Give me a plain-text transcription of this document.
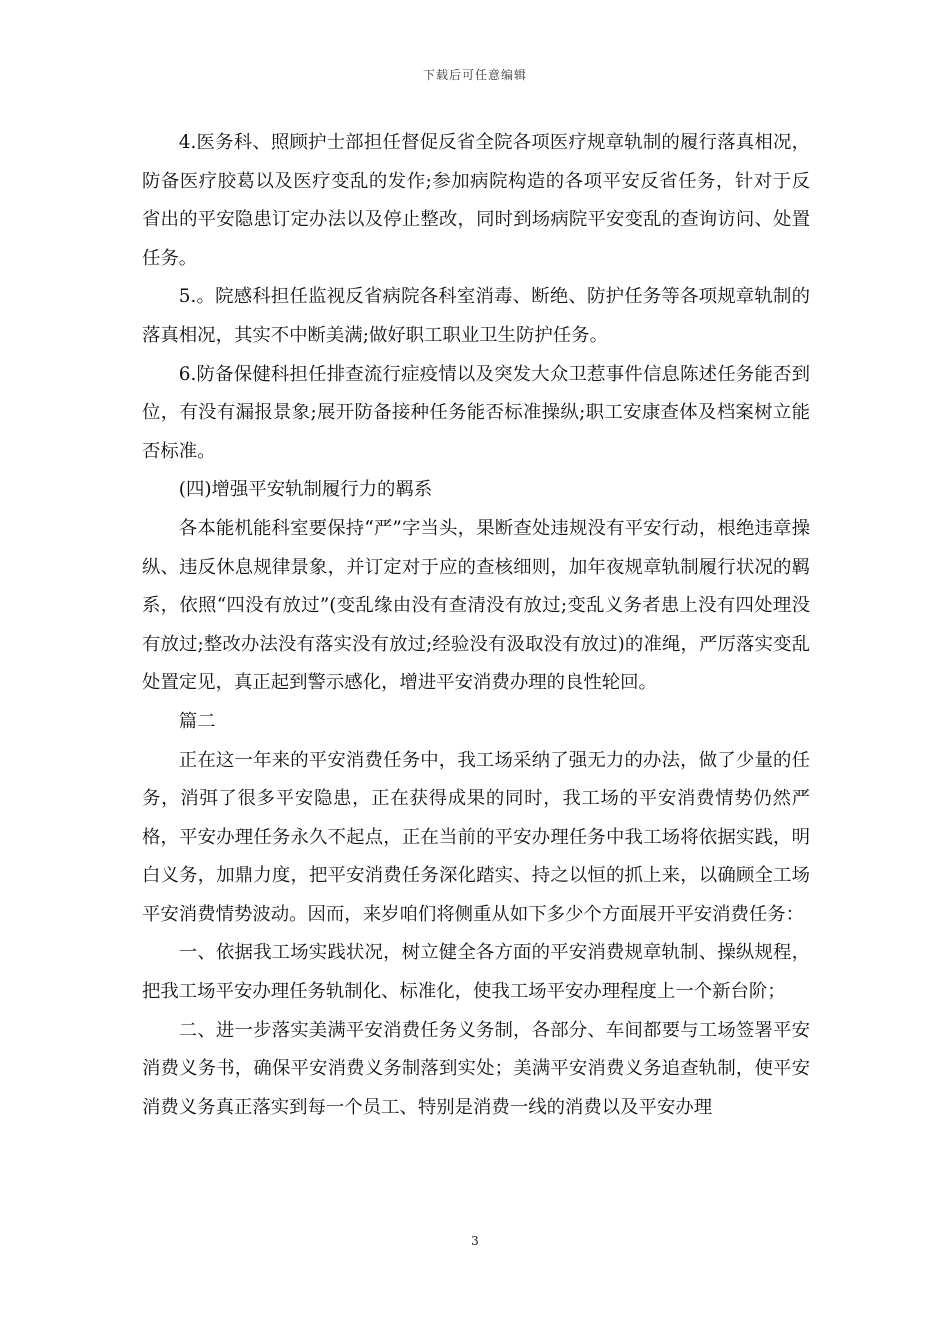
下载后可任意编辑

4.医务科、照顾护士部担任督促反省全院各项医疗规章轨制的履行落真相况，防备医疗胶葛以及医疗变乱的发作;参加病院构造的各项平安反省任务，针对于反省出的平安隐患订定办法以及停止整改，同时到场病院平安变乱的查询访问、处置任务。

5.。院感科担任监视反省病院各科室消毒、断绝、防护任务等各项规章轨制的落真相况，其实不中断美满;做好职工职业卫生防护任务。

6.防备保健科担任排查流行症疫情以及突发大众卫惹事件信息陈述任务能否到位，有没有漏报景象;展开防备接种任务能否标准操纵;职工安康查体及档案树立能否标准。

(四)增强平安轨制履行力的羁系

各本能机能科室要保持“严”字当头，果断查处违规没有平安行动，根绝违章操纵、违反休息规律景象，并订定对于应的查核细则，加年夜规章轨制履行状况的羁系，依照“四没有放过”(变乱缘由没有查清没有放过;变乱义务者患上没有四处理没有放过;整改办法没有落实没有放过;经验没有汲取没有放过)的准绳，严厉落实变乱处置定见，真正起到警示感化，增进平安消费办理的良性轮回。

篇二

正在这一年来的平安消费任务中，我工场采纳了强无力的办法，做了少量的任务，消弭了很多平安隐患，正在获得成果的同时，我工场的平安消费情势仍然严格，平安办理任务永久不起点，正在当前的平安办理任务中我工场将依据实践，明白义务，加鼎力度，把平安消费任务深化踏实、持之以恒的抓上来，以确顾全工场平安消费情势波动。因而，来岁咱们将侧重从如下多少个方面展开平安消费任务：

一、依据我工场实践状况，树立健全各方面的平安消费规章轨制、操纵规程，把我工场平安办理任务轨制化、标准化，使我工场平安办理程度上一个新台阶；

二、进一步落实美满平安消费任务义务制，各部分、车间都要与工场签署平安消费义务书，确保平安消费义务制落到实处；美满平安消费义务追查轨制，使平安消费义务真正落实到每一个员工、特别是消费一线的消费以及平安办理

3
